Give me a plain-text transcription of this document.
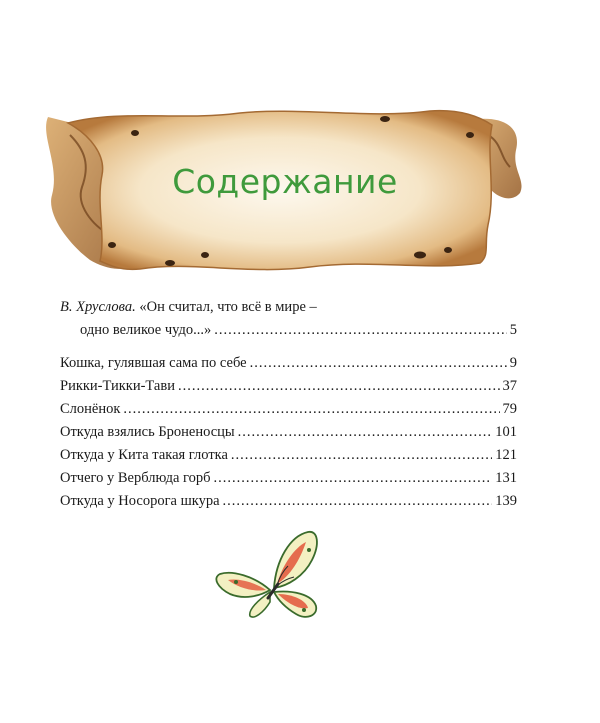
Содержание
В. Хрусл​ова. «Он считал, что всё в мире –
одно великое чудо...» .....	5
Кошка, гулявшая сама по себе .....	9
Рикки-Тикки-Тави .....	37
Слонёнок .....	79
Откуда взялись Броненосцы .....	101
Откуда у Кита такая глотка .....	121
Отчего у Верблюда горб .....	131
Откуда у Носорога шкура .....	139
